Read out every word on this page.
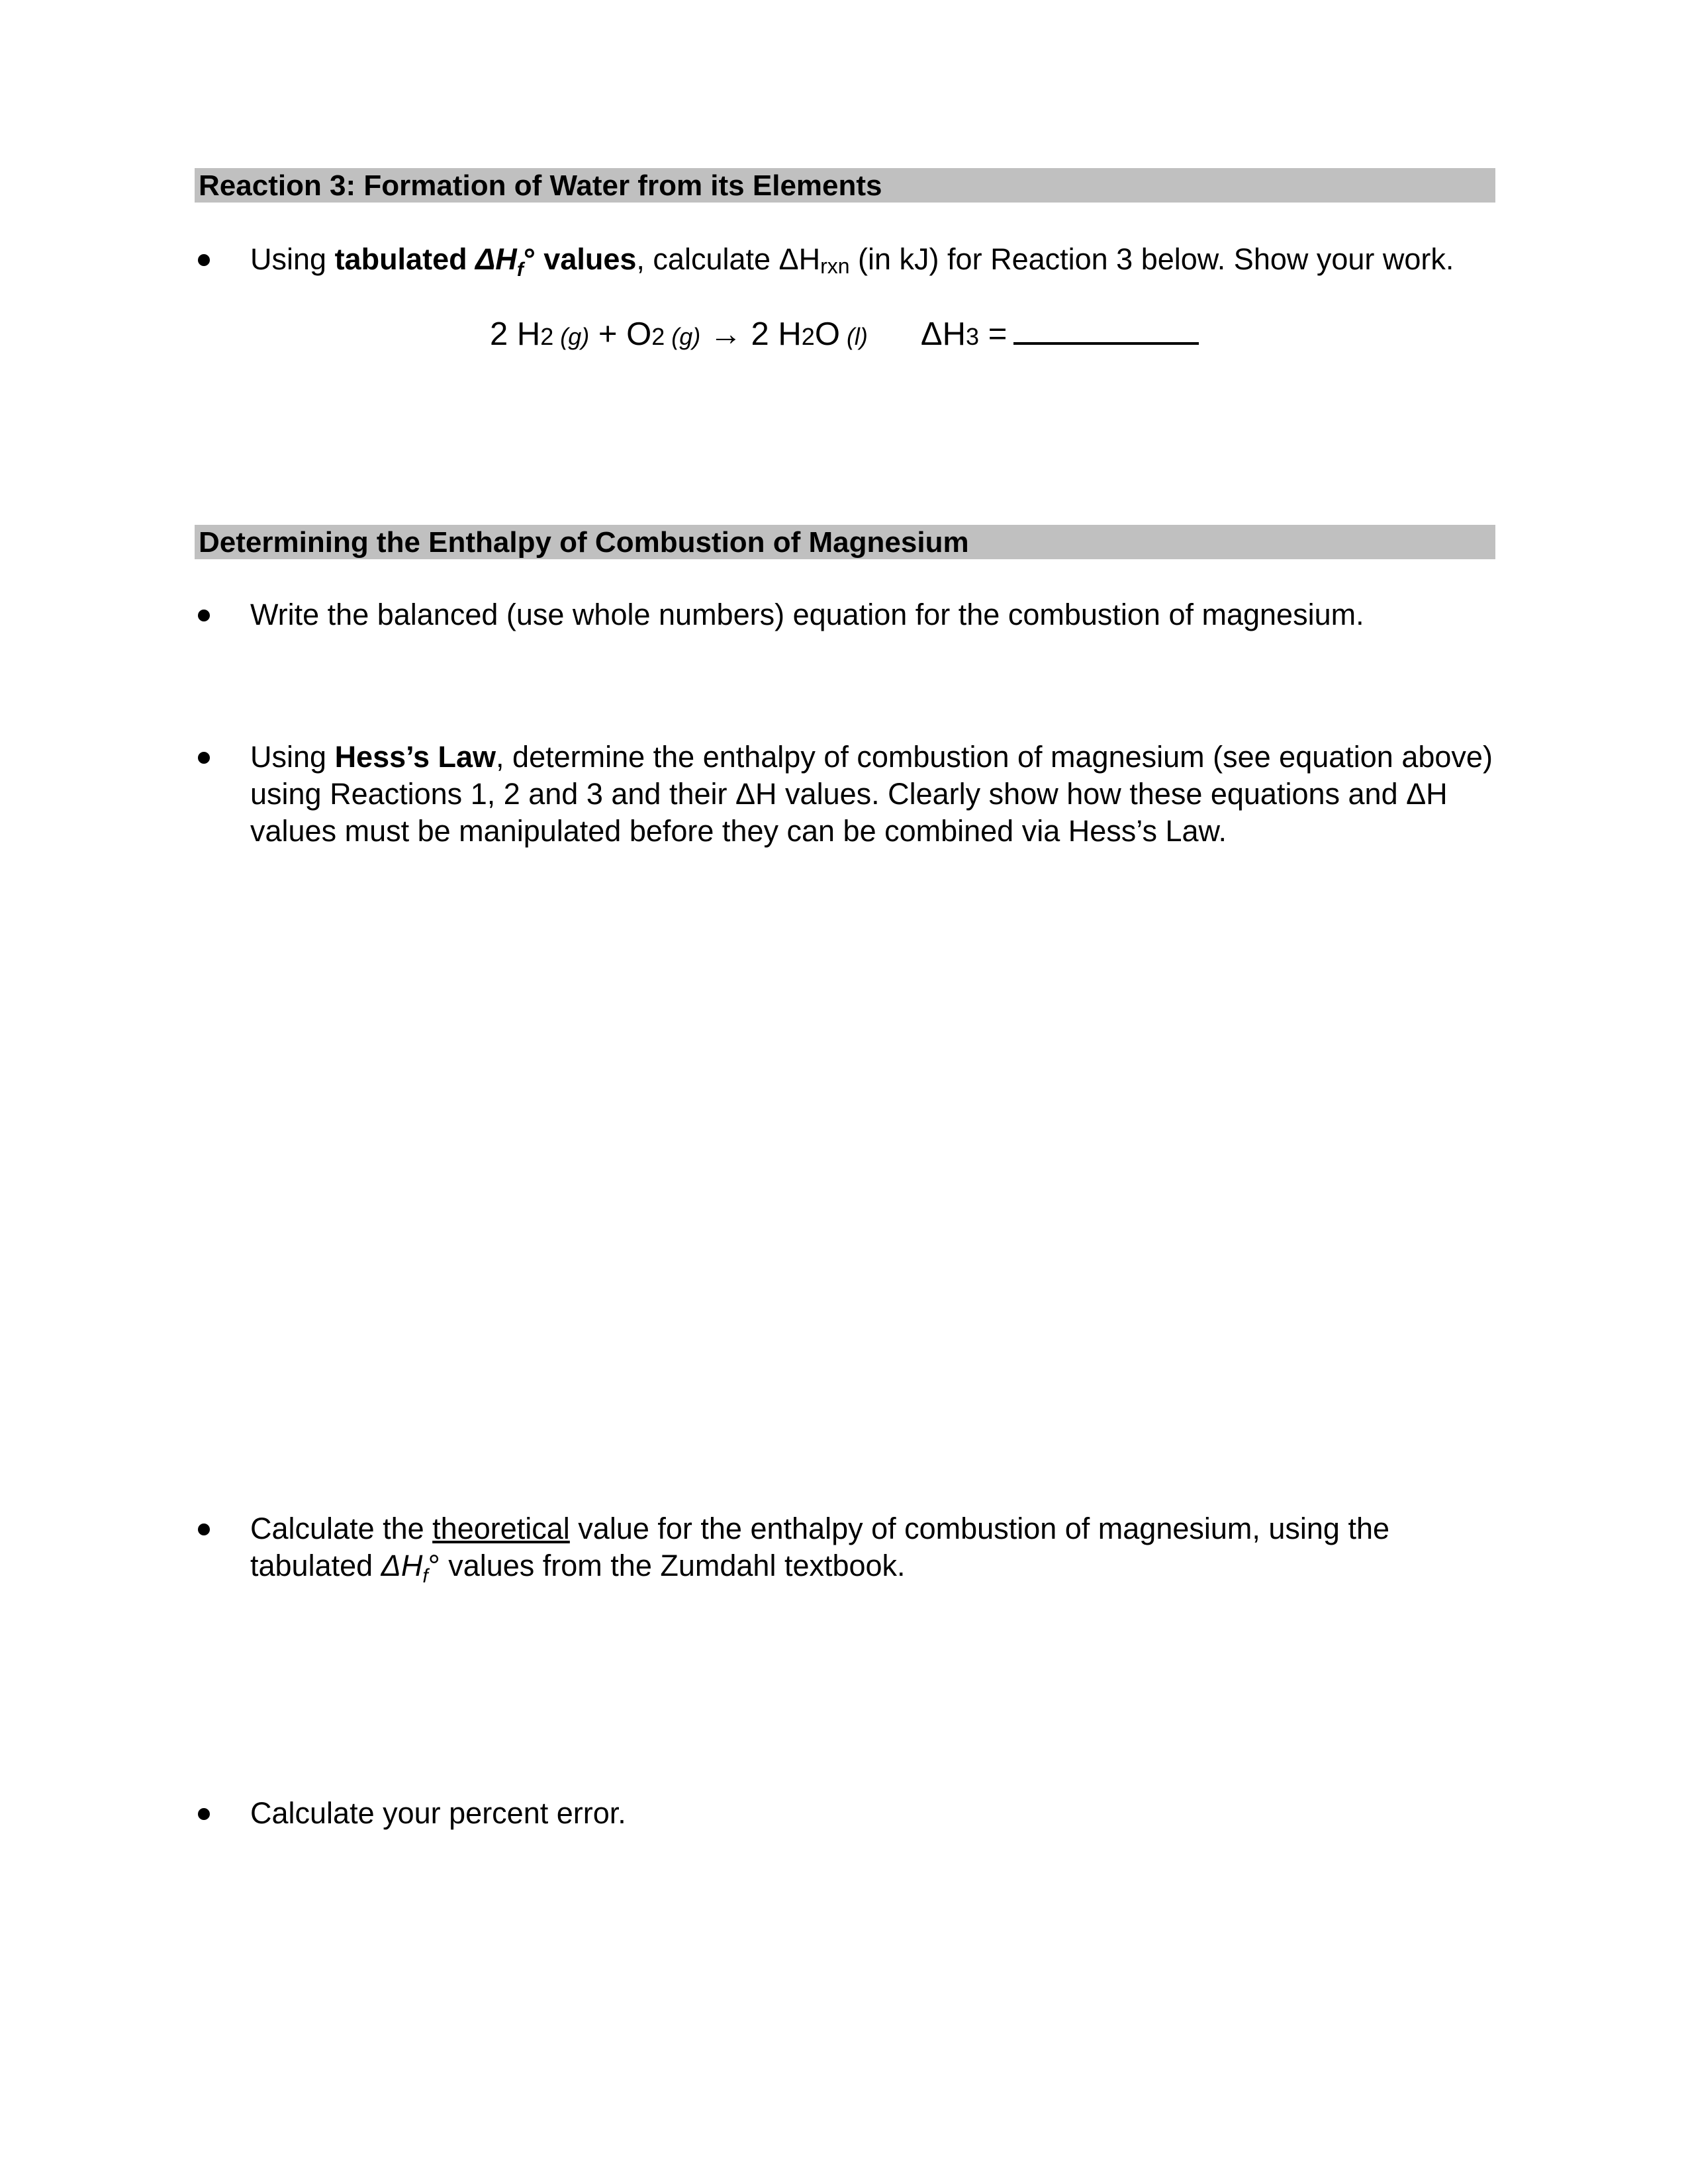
Reaction 3: Formation of Water from its Elements
Using tabulated $\Delta H_f^\circ$ values, calculate $\Delta H_{rxn}$ (in kJ) for Reaction 3 below. Show your work.
2 H2 (g) + O2 (g) → 2 H2O (l) ΔH3 =
Determining the Enthalpy of Combustion of Magnesium
Write the balanced (use whole numbers) equation for the combustion of magnesium.
Using Hess’s Law, determine the enthalpy of combustion of magnesium (see equation above) using Reactions 1, 2 and 3 and their ΔH values. Clearly show how these equations and ΔH values must be manipulated before they can be combined via Hess’s Law.
Calculate the theoretical value for the enthalpy of combustion of magnesium, using the tabulated $\Delta H_f^\circ$ values from the Zumdahl textbook.
Calculate your percent error.
